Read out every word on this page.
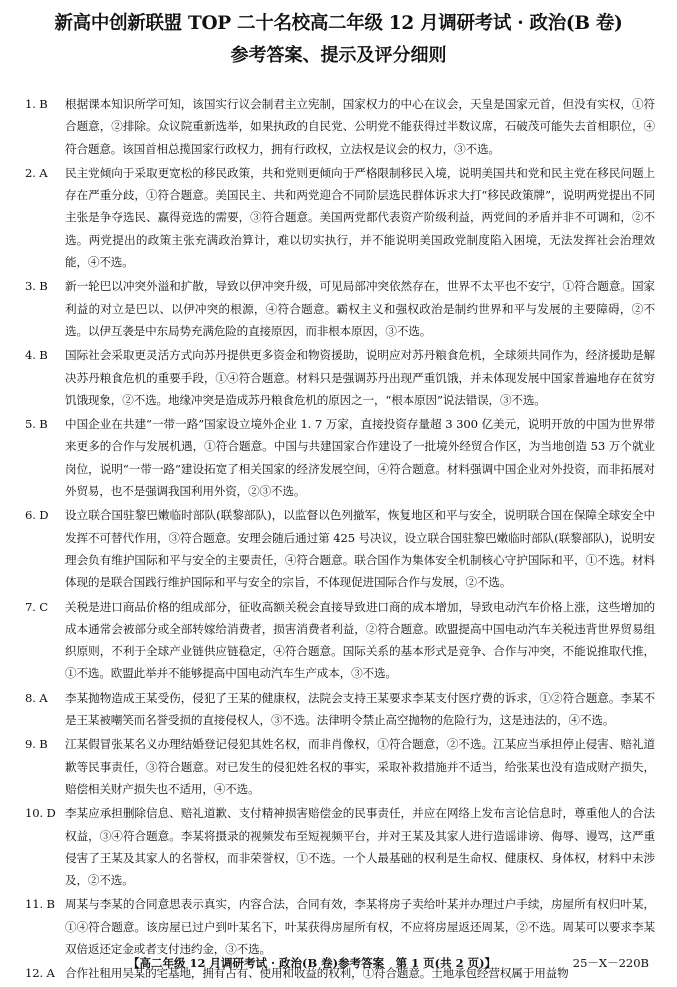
新高中创新联盟 TOP 二十名校高二年级 12 月调研考试 · 政治(B 卷)
参考答案、提示及评分细则
1. B 根据课本知识所学可知，该国实行议会制君主立宪制，国家权力的中心在议会，天皇是国家元首，但没有实权，①符合题意，②排除。众议院重新选举，如果执政的自民党、公明党不能获得过半数议席，石破茂可能失去首相职位，④符合题意。该国首相总揽国家行政权力，拥有行政权，立法权是议会的权力，③不选。
2. A 民主党倾向于采取更宽松的移民政策，共和党则更倾向于严格限制移民入境，说明美国共和党和民主党在移民问题上存在严重分歧，①符合题意。美国民主、共和两党迎合不同阶层选民群体诉求大打“移民政策牌”，说明两党提出不同主张是争夺选民、赢得竞选的需要，③符合题意。美国两党都代表资产阶级利益，两党间的矛盾并非不可调和，②不选。两党提出的政策主张充满政治算计，难以切实执行，并不能说明美国政党制度陷入困境，无法发挥社会治理效能，④不选。
3. B 新一轮巴以冲突外溢和扩散，导致以伊冲突升级，可见局部冲突依然存在，世界不太平也不安宁，①符合题意。国家利益的对立是巴以、以伊冲突的根源，④符合题意。霸权主义和强权政治是制约世界和平与发展的主要障碍，②不选。以伊互袭是中东局势充满危险的直接原因，而非根本原因，③不选。
4. B 国际社会采取更灵活方式向苏丹提供更多资金和物资援助，说明应对苏丹粮食危机，全球须共同作为，经济援助是解决苏丹粮食危机的重要手段，①④符合题意。材料只是强调苏丹出现严重饥饿，并未体现发展中国家普遍地存在贫穷饥饿现象，②不选。地缘冲突是造成苏丹粮食危机的原因之一，“根本原因”说法错误，③不选。
5. B 中国企业在共建“一带一路”国家设立境外企业 1. 7 万家，直接投资存量超 3 300 亿美元，说明开放的中国为世界带来更多的合作与发展机遇，①符合题意。中国与共建国家合作建设了一批境外经贸合作区，为当地创造 53 万个就业岗位，说明“一带一路”建设拓宽了相关国家的经济发展空间，④符合题意。材料强调中国企业对外投资，而非拓展对外贸易，也不是强调我国利用外资，②③不选。
6. D 设立联合国驻黎巴嫩临时部队(联黎部队)，以监督以色列撤军，恢复地区和平与安全，说明联合国在保障全球安全中发挥不可替代作用，③符合题意。安理会随后通过第 425 号决议，设立联合国驻黎巴嫩临时部队(联黎部队)，说明安理会负有维护国际和平与安全的主要责任，④符合题意。联合国作为集体安全机制核心守护国际和平，①不选。材料体现的是联合国践行维护国际和平与安全的宗旨，不体现促进国际合作与发展，②不选。
7. C 关税是进口商品价格的组成部分，征收高额关税会直接导致进口商的成本增加，导致电动汽车价格上涨，这些增加的成本通常会被部分或全部转嫁给消费者，损害消费者利益，②符合题意。欧盟提高中国电动汽车关税违背世界贸易组织原则，不利于全球产业链供应链稳定，④符合题意。国际关系的基本形式是竞争、合作与冲突，不能说推取代推，①不选。欧盟此举并不能够提高中国电动汽车生产成本，③不选。
8. A 李某抛物造成王某受伤，侵犯了王某的健康权，法院会支持王某要求李某支付医疗费的诉求，①②符合题意。李某不是王某被嘲笑而名誉受损的直接侵权人，③不选。法律明令禁止高空抛物的危险行为，这是违法的，④不选。
9. B 江某假冒张某名义办理结婚登记侵犯其姓名权，而非肖像权，①符合题意，②不选。江某应当承担停止侵害、赔礼道歉等民事责任，③符合题意。对已发生的侵犯姓名权的事实，采取补救措施并不适当，给张某也没有造成财产损失，赔偿相关财产损失也不适用，④不选。
10. D 李某应承担删除信息、赔礼道歉、支付精神损害赔偿金的民事责任，并应在网络上发布言论信息时，尊重他人的合法权益，③④符合题意。李某将摄录的视频发布至短视频平台，并对王某及其家人进行造谣诽谤、侮辱、谩骂，这严重侵害了王某及其家人的名誉权，而非荣誉权，①不选。一个人最基础的权利是生命权、健康权、身体权，材料中未涉及，②不选。
11. B 周某与李某的合同意思表示真实，内容合法，合同有效，李某将房子卖给叶某并办理过户手续，房屋所有权归叶某，①④符合题意。该房屋已过户到叶某名下，叶某获得房屋所有权，不应将房屋返还周某，②不选。周某可以要求李某双倍返还定金或者支付违约金，③不选。
12. A 合作社租用吴某的宅基地，拥有占有、使用和收益的权利，①符合题意。土地承包经营权属于用益物
【高二年级 12 月调研考试 · 政治(B 卷)参考答案　第 1 页(共 2 页)】	25－X－220B
